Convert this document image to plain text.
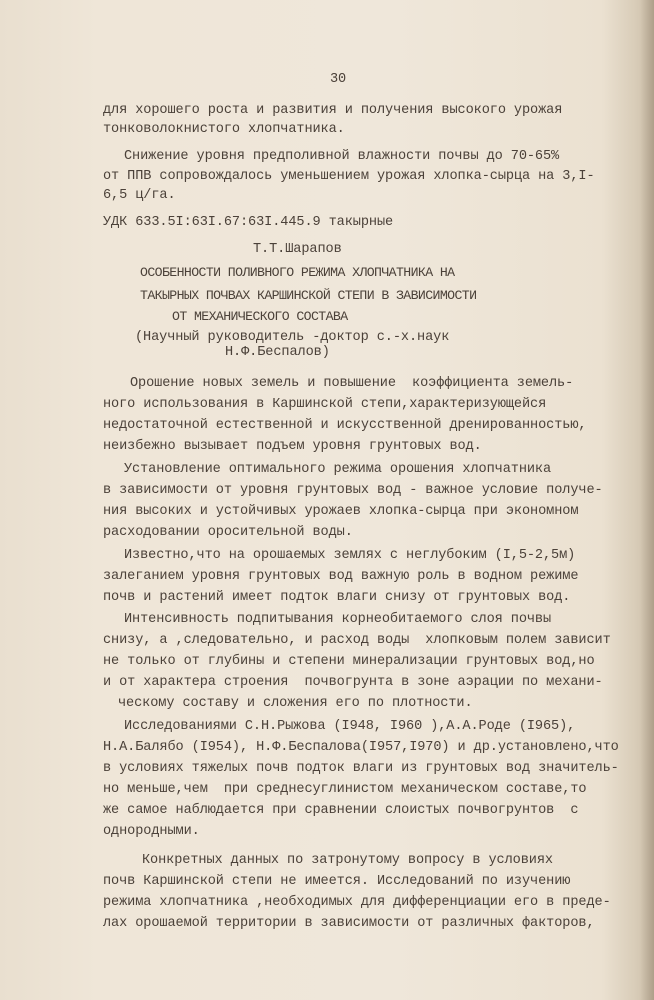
30
для хорошего роста и развития и получения высокого урожая
тонковолокнистого хлопчатника.
Снижение уровня предполивной влажности почвы до 70-65%
от ППВ сопровождалось уменьшением урожая хлопка-сырца на 3,I-
6,5 ц/га.
УДК 633.5I:63I.67:63I.445.9 такырные
Т.Т.Шарапов
ОСОБЕННОСТИ ПОЛИВНОГО РЕЖИМА ХЛОПЧАТНИКА НА
ТАКЫРНЫХ ПОЧВАХ КАРШИНСКОЙ СТЕПИ В ЗАВИСИМОСТИ
ОТ МЕХАНИЧЕСКОГО СОСТАВА
(Научный руководитель -доктор с.-х.наук
Н.Ф.Беспалов)
Орошение новых земель и повышение  коэффициента земель-
ного использования в Каршинской степи,характеризующейся
недостаточной естественной и искусственной дренированностью,
неизбежно вызывает подъем уровня грунтовых вод.
Установление оптимального режима орошения хлопчатника
в зависимости от уровня грунтовых вод - важное условие получе-
ния высоких и устойчивых урожаев хлопка-сырца при экономном
расходовании оросительной воды.
Известно,что на орошаемых землях с неглубоким (I,5-2,5м)
залеганием уровня грунтовых вод важную роль в водном режиме
почв и растений имеет подток влаги снизу от грунтовых вод.
Интенсивность подпитывания корнеобитаемого слоя почвы
снизу, а ,следовательно, и расход воды  хлопковым полем зависит
не только от глубины и степени минерализации грунтовых вод,но
и от характера строения  почвогрунта в зоне аэрации по механи-
ческому составу и сложения его по плотности.
Исследованиями С.Н.Рыжова (I948, I960 ),А.А.Роде (I965),
Н.А.Балябо (I954), Н.Ф.Беспалова(I957,I970) и др.установлено,что
в условиях тяжелых почв подток влаги из грунтовых вод значитель-
но меньше,чем  при среднесуглинистом механическом составе,то
же самое наблюдается при сравнении слоистых почвогрунтов  с
однородными.
Конкретных данных по затронутому вопросу в условиях
почв Каршинской степи не имеется. Исследований по изучению
режима хлопчатника ,необходимых для дифференциации его в преде-
лах орошаемой территории в зависимости от различных факторов,
